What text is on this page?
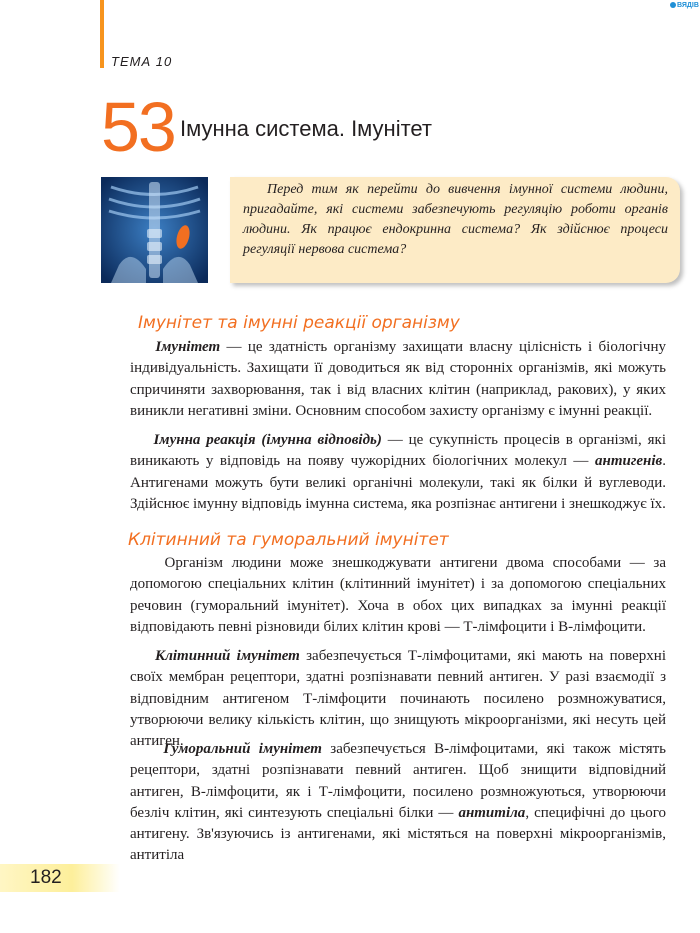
ВЯДІВ
ТЕМА 10
53 Імунна система. Імунітет
Перед тим як перейти до вивчення імунної системи людини, пригадайте, які системи забезпечують регуляцію роботи органів людини. Як працює ендокринна система? Як здійснює процеси регуляції нервова система?
Імунітет та імунні реакції організму

Імунітет — це здатність організму захищати власну цілісність і біологічну індивідуальність. Захищати її доводиться як від сторонніх організмів, які можуть спричиняти захворювання, так і від власних клітин (наприклад, ракових), у яких виникли негативні зміни. Основним способом захисту організму є імунні реакції.

Імунна реакція (імунна відповідь) — це сукупність процесів в організмі, які виникають у відповідь на появу чужорідних біологічних молекул — антигенів. Антигенами можуть бути великі органічні молекули, такі як білки й вуглеводи. Здійснює імунну відповідь імунна система, яка розпізнає антигени і знешкоджує їх.

Клітинний та гуморальний імунітет

Організм людини може знешкоджувати антигени двома способами — за допомогою спеціальних клітин (клітинний імунітет) і за допомогою спеціальних речовин (гуморальний імунітет). Хоча в обох цих випадках за імунні реакції відповідають певні різновиди білих клітин крові — Т-лімфоцити і В-лімфоцити.

Клітинний імунітет забезпечується Т-лімфоцитами, які мають на поверхні своїх мембран рецептори, здатні розпізнавати певний антиген. У разі взаємодії з відповідним антигеном Т-лімфоцити починають посилено розмножуватися, утворюючи велику кількість клітин, що знищують мікроорганізми, які несуть цей антиген.

Гуморальний імунітет забезпечується В-лімфоцитами, які також містять рецептори, здатні розпізнавати певний антиген. Щоб знищити відповідний антиген, В-лімфоцити, як і Т-лімфоцити, посилено розмножуються, утворюючи безліч клітин, які синтезують спеціальні білки — антитіла, специфічні до цього антигену. Зв'язуючись із антигенами, які містяться на поверхні мікроорганізмів, антитіла

182
